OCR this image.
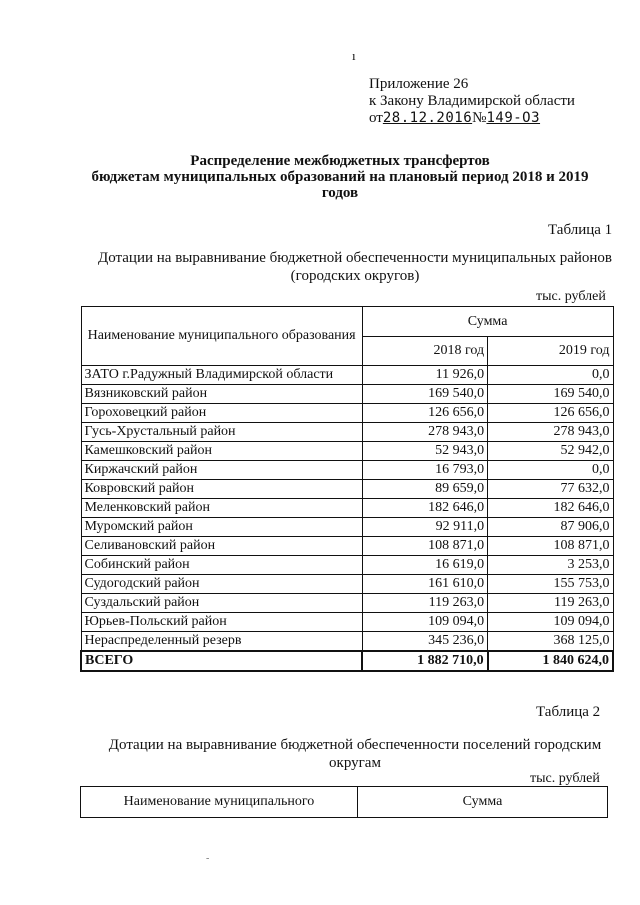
ı
Приложение 26
к Закону Владимирской области
от28.12.2016№149-ОЗ
Распределение межбюджетных трансфертов
бюджетам муниципальных образований на плановый период 2018 и 2019
годов
Таблица 1
Дотации на выравнивание бюджетной обеспеченности муниципальных районов
(городских округов)
тыс. рублей
Наименование муниципального образования	Сумма	
	2018 год	2019 год
ЗАТО г.Радужный Владимирской области	11 926,0	0,0
Вязниковский район	169 540,0	169 540,0
Гороховецкий район	126 656,0	126 656,0
Гусь-Хрустальный район	278 943,0	278 943,0
Камешковский район	52 943,0	52 942,0
Киржачский район	16 793,0	0,0
Ковровский район	89 659,0	77 632,0
Меленковский район	182 646,0	182 646,0
Муромский район	92 911,0	87 906,0
Селивановский район	108 871,0	108 871,0
Собинский район	16 619,0	3 253,0
Судогодский район	161 610,0	155 753,0
Суздальский район	119 263,0	119 263,0
Юрьев-Польский район	109 094,0	109 094,0
Нераспределенный резерв	345 236,0	368 125,0
ВСЕГО	1 882 710,0	1 840 624,0
Таблица 2
Дотации на выравнивание бюджетной обеспеченности поселений городским
округам
тыс. рублей
Наименование муниципального	Сумма
-
